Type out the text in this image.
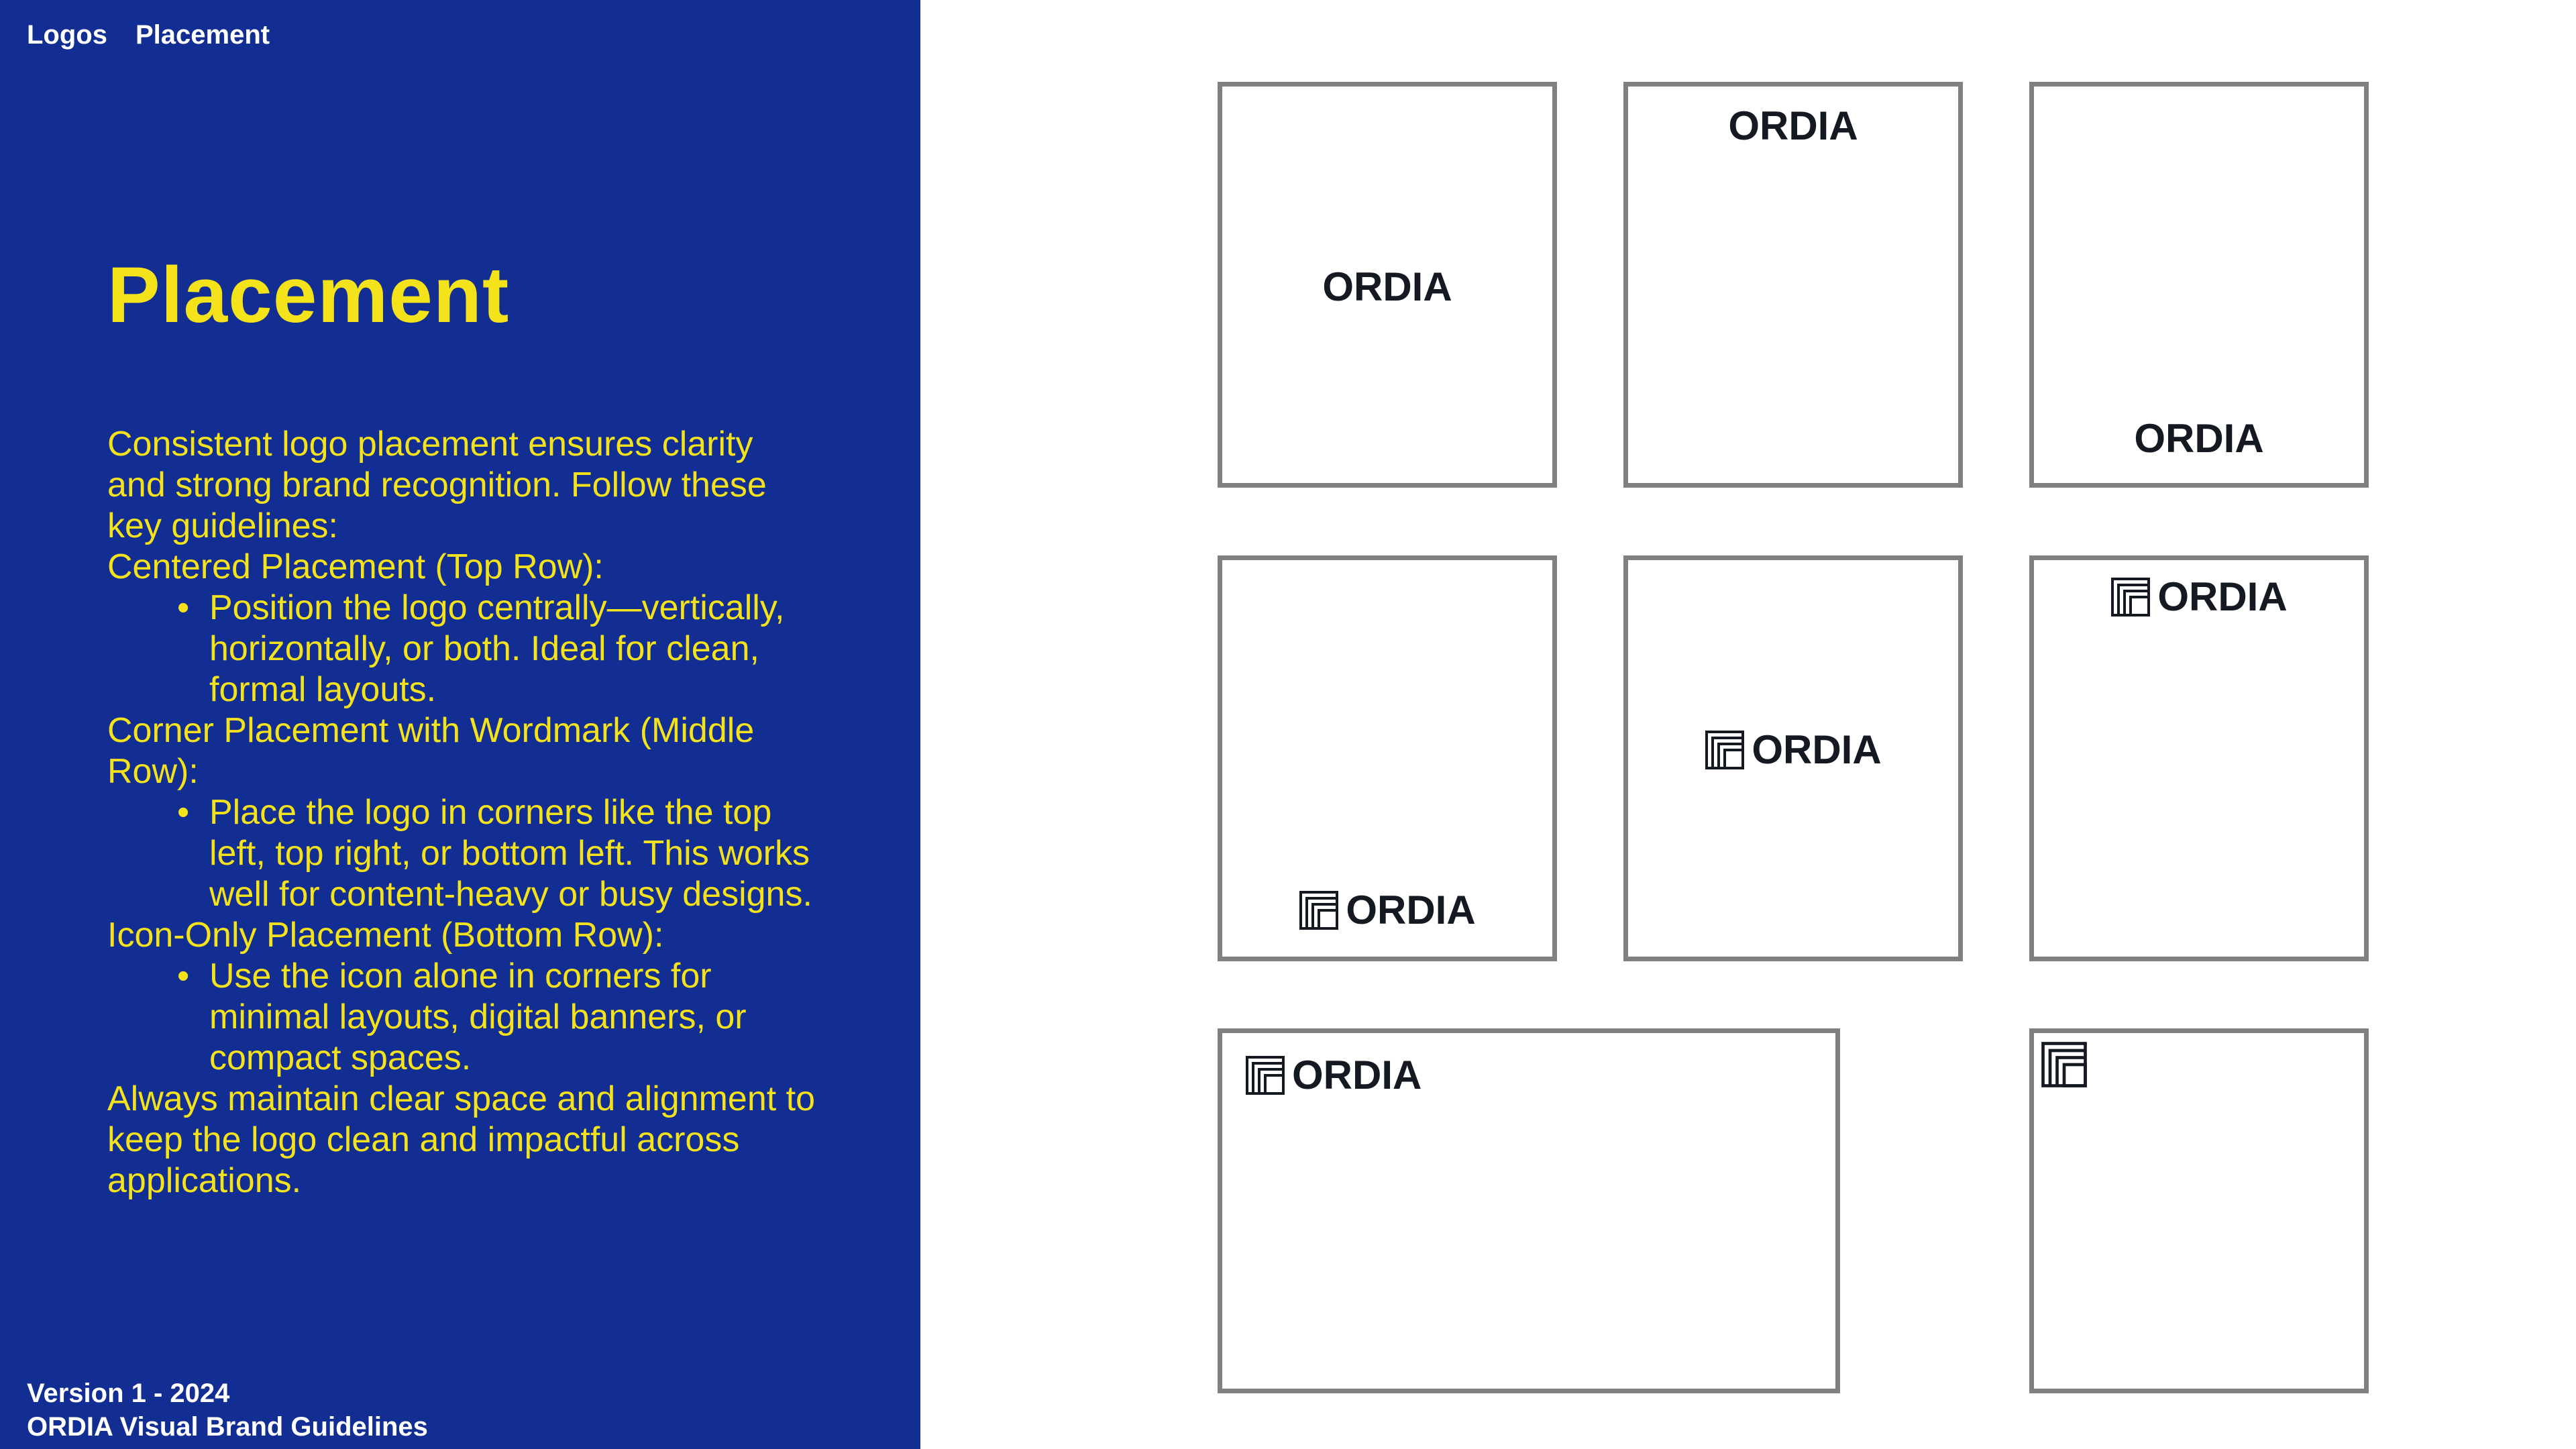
Logos Placement
Placement

Consistent logo placement ensures clarity and strong brand recognition. Follow these key guidelines:

Centered Placement (Top Row):

• Position the logo centrally—vertically, horizontally, or both. Ideal for clean, formal layouts.

Corner Placement with Wordmark (Middle Row):

• Place the logo in corners like the top left, top right, or bottom left. This works well for content-heavy or busy designs.

Icon-Only Placement (Bottom Row):

• Use the icon alone in corners for minimal layouts, digital banners, or compact spaces.

Always maintain clear space and alignment to keep the logo clean and impactful across applications.

Version 1 - 2024
ORDIA Visual Brand Guidelines
ORDIA
ORDIA
ORDIA
ORDIA
ORDIA
ORDIA
ORDIA
